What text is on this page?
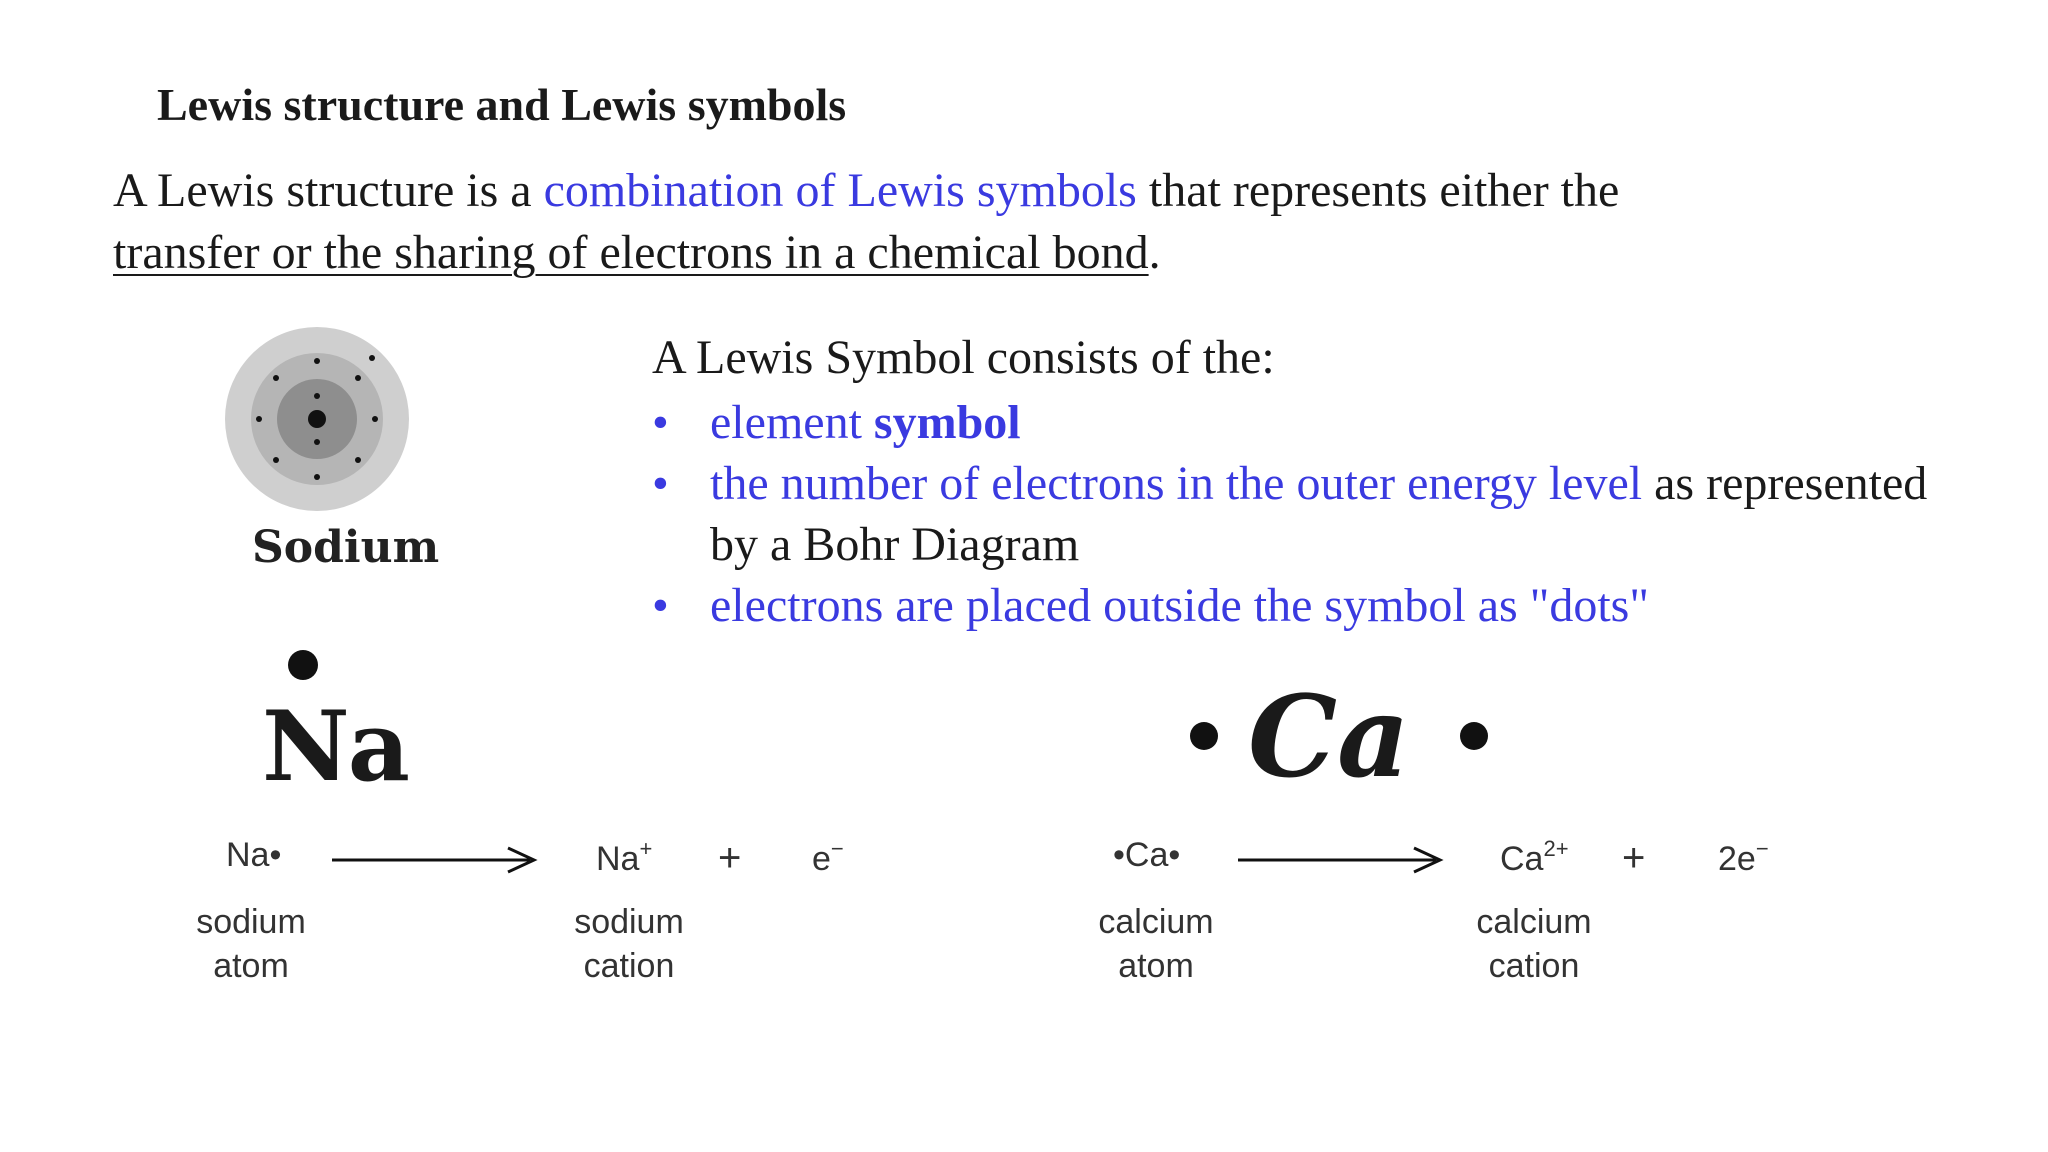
Lewis structure and Lewis symbols
A Lewis structure is a combination of Lewis symbols that represents either the
transfer or the sharing of electrons in a chemical bond.
Sodium
A Lewis Symbol consists of the:
• element symbol
• the number of electrons in the outer energy level as represented by a Bohr Diagram
• electrons are placed outside the symbol as "dots"
Na	Ca
Na•	Na+ + e−
sodium
atom
sodium
cation
•Ca•	$Ca^{2+} + 2e^-$
calcium
atom
calcium
cation
